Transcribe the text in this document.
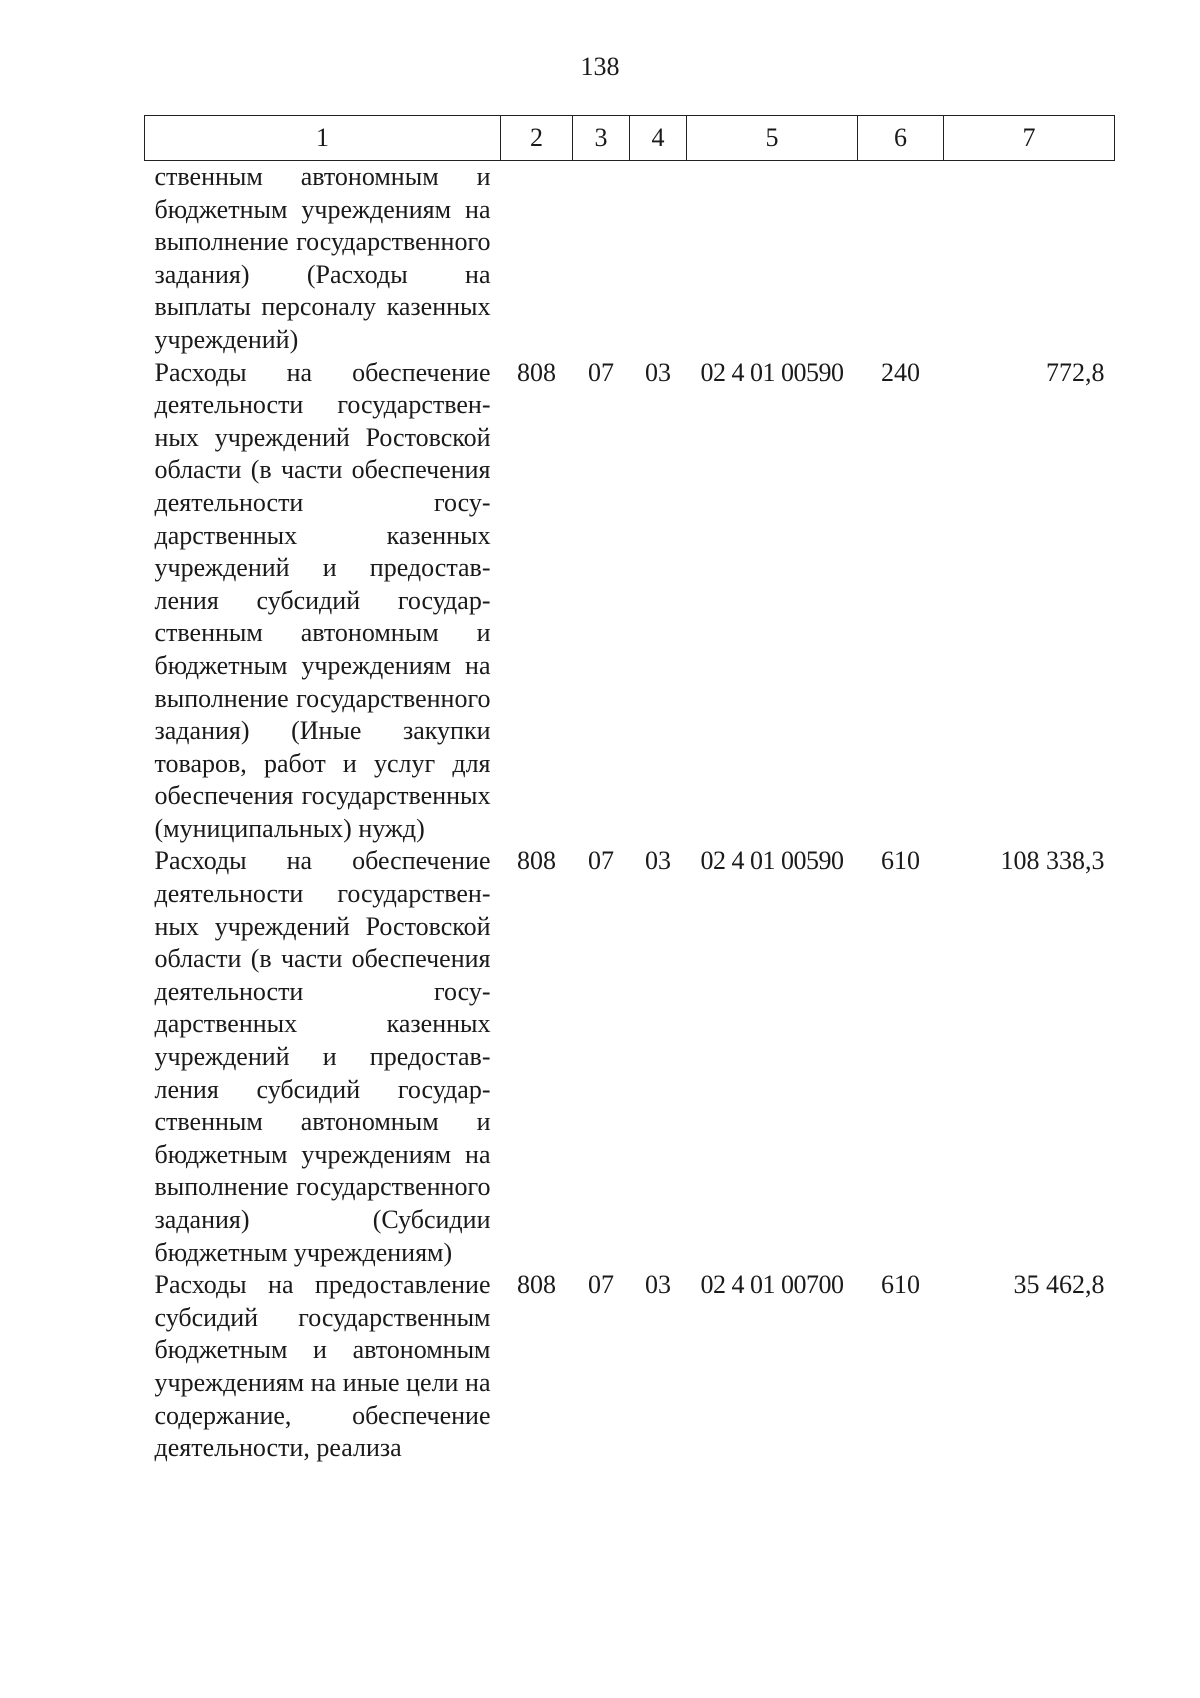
138
1	2	3	4	5	6	7
ственным автономным и бюджетным учреждениям на выполнение государственного задания) (Расходы на выплаты персоналу казенных учреждений)						
Расходы на обеспечение деятельности государственных учреждений Ростовской области (в части обеспечения деятельности государственных казенных учреждений и предоставления субсидий государственным автономным и бюджетным учреждениям на выполнение государственного задания) (Иные закупки товаров, работ и услуг для обеспечения государственных (муниципальных) нужд)	808	07	03	02 4 01 00590	240	772,8
Расходы на обеспечение деятельности государственных учреждений Ростовской области (в части обеспечения деятельности государственных казенных учреждений и предоставления субсидий государственным автономным и бюджетным учреждениям на выполнение государственного задания) (Субсидии бюджетным учреждениям)	808	07	03	02 4 01 00590	610	108 338,3
Расходы на предоставление субсидий государственным бюджетным и автономным учреждениям на иные цели на содержание, обеспечение деятельности, реализа	808	07	03	02 4 01 00700	610	35 462,8
